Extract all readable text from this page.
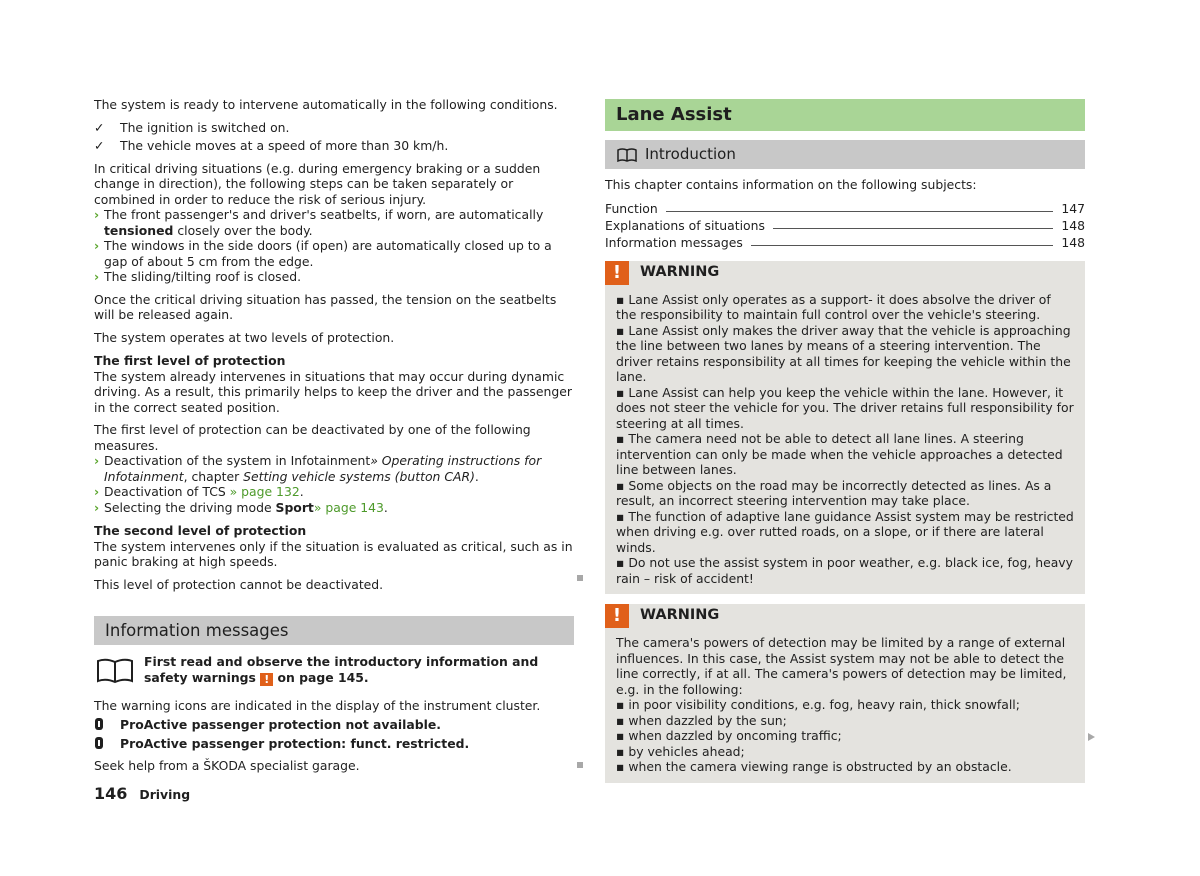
The system is ready to intervene automatically in the following conditions.

✓ The ignition is switched on.
✓ The vehicle moves at a speed of more than 30 km/h.

In critical driving situations (e.g. during emergency braking or a sudden change in direction), the following steps can be taken separately or combined in order to reduce the risk of serious injury.

› The front passenger's and driver's seatbelts, if worn, are automatically tensioned closely over the body.
› The windows in the side doors (if open) are automatically closed up to a gap of about 5 cm from the edge.
› The sliding/tilting roof is closed.

Once the critical driving situation has passed, the tension on the seatbelts will be released again.

The system operates at two levels of protection.

The first level of protection

The system already intervenes in situations that may occur during dynamic driving. As a result, this primarily helps to keep the driver and the passenger in the correct seated position.

The first level of protection can be deactivated by one of the following measures.

› Deactivation of the system in Infotainment» Operating instructions for Infotainment, chapter Setting vehicle systems (button CAR).
› Deactivation of TCS » page 132.
› Selecting the driving mode Sport» page 143.
The second level of protection

The system intervenes only if the situation is evaluated as critical, such as in panic braking at high speeds.

This level of protection cannot be deactivated.

Information messages
First read and observe the introductory information and safety warnings ! on page 145.

The warning icons are indicated in the display of the instrument cluster.

ProActive passenger protection not available.
ProActive passenger protection: funct. restricted.

Seek help from a ŠKODA specialist garage.

Lane Assist
Introduction

This chapter contains information on the following subjects:

Function	147
Explanations of situations	148
Information messages	148
!	WARNING

▪ Lane Assist only operates as a support- it does absolve the driver of the responsibility to maintain full control over the vehicle's steering.

▪ Lane Assist only makes the driver away that the vehicle is approaching the line between two lanes by means of a steering intervention. The driver retains responsibility at all times for keeping the vehicle within the lane.

▪ Lane Assist can help you keep the vehicle within the lane. However, it does not steer the vehicle for you. The driver retains full responsibility for steering at all times.

▪ The camera need not be able to detect all lane lines. A steering intervention can only be made when the vehicle approaches a detected line between lanes.

▪ Some objects on the road may be incorrectly detected as lines. As a result, an incorrect steering intervention may take place.

▪ The function of adaptive lane guidance Assist system may be restricted when driving e.g. over rutted roads, on a slope, or if there are lateral winds.

▪ Do not use the assist system in poor weather, e.g. black ice, fog, heavy rain – risk of accident!

!	WARNING

The camera's powers of detection may be limited by a range of external influences. In this case, the Assist system may not be able to detect the line correctly, if at all. The camera's powers of detection may be limited, e.g. in the following:

▪ in poor visibility conditions, e.g. fog, heavy rain, thick snowfall;

▪ when dazzled by the sun;

▪ when dazzled by oncoming traffic;

▪ by vehicles ahead;

▪ when the camera viewing range is obstructed by an obstacle.

146 Driving
